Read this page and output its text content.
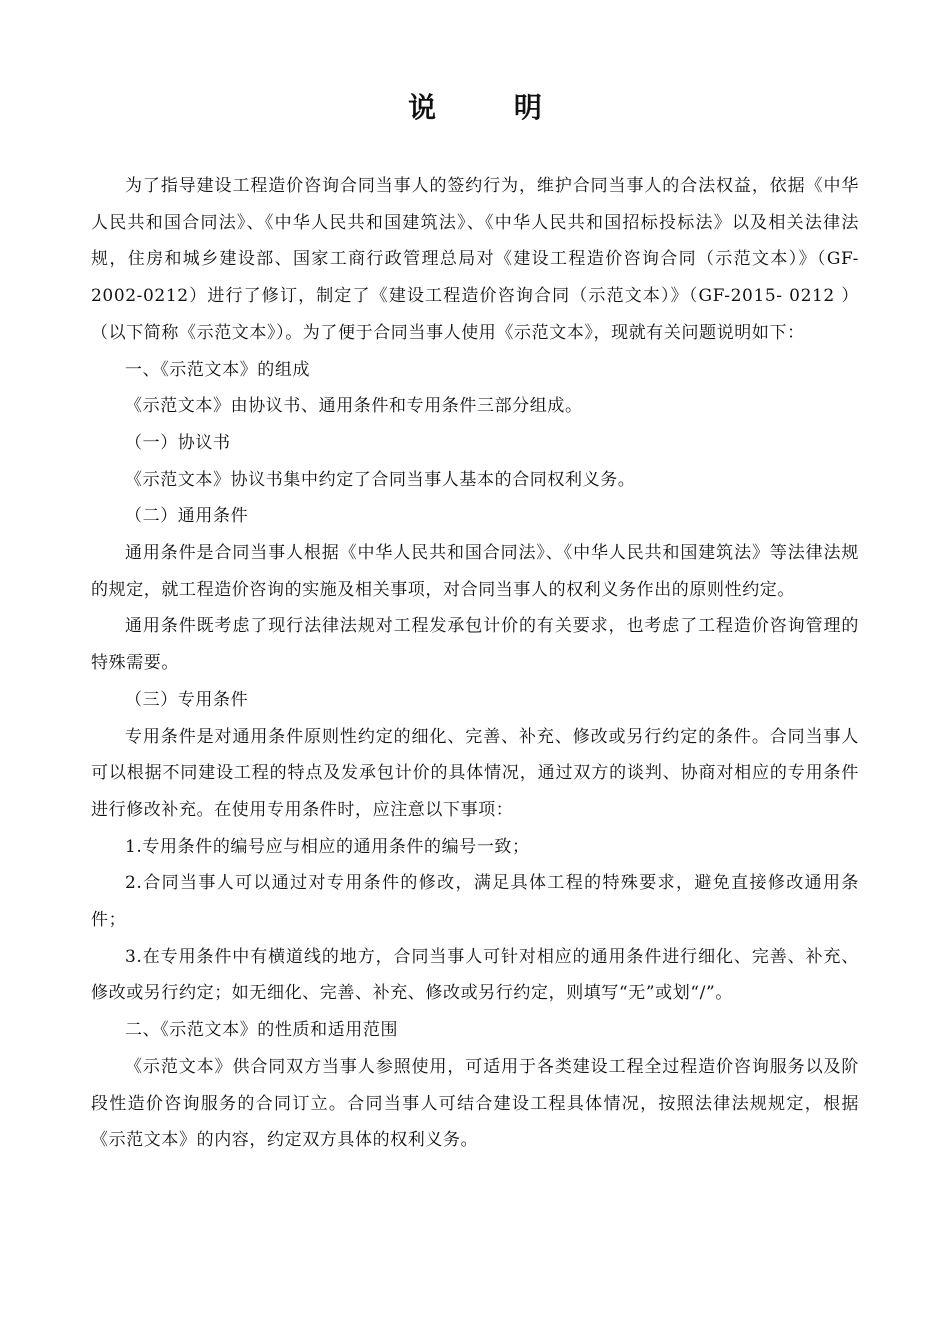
说 明

为了指导建设工程造价咨询合同当事人的签约行为，维护合同当事人的合法权益，依据《中华人民共和国合同法》、《中华人民共和国建筑法》、《中华人民共和国招标投标法》以及相关法律法规，住房和城乡建设部、国家工商行政管理总局对《建设工程造价咨询合同（示范文本）》（GF-2002-0212）进行了修订，制定了《建设工程造价咨询合同（示范文本）》（GF-2015- 0212 ）（以下简称《示范文本》）。为了便于合同当事人使用《示范文本》，现就有关问题说明如下：

一、《示范文本》的组成

《示范文本》由协议书、通用条件和专用条件三部分组成。

（一）协议书

《示范文本》协议书集中约定了合同当事人基本的合同权利义务。

（二）通用条件

通用条件是合同当事人根据《中华人民共和国合同法》、《中华人民共和国建筑法》等法律法规的规定，就工程造价咨询的实施及相关事项，对合同当事人的权利义务作出的原则性约定。

通用条件既考虑了现行法律法规对工程发承包计价的有关要求，也考虑了工程造价咨询管理的特殊需要。

（三）专用条件

专用条件是对通用条件原则性约定的细化、完善、补充、修改或另行约定的条件。合同当事人可以根据不同建设工程的特点及发承包计价的具体情况，通过双方的谈判、协商对相应的专用条件进行修改补充。在使用专用条件时，应注意以下事项：

1.专用条件的编号应与相应的通用条件的编号一致；

2.合同当事人可以通过对专用条件的修改，满足具体工程的特殊要求，避免直接修改通用条件；

3.在专用条件中有横道线的地方，合同当事人可针对相应的通用条件进行细化、完善、补充、修改或另行约定；如无细化、完善、补充、修改或另行约定，则填写“无”或划“/”。

二、《示范文本》的性质和适用范围

《示范文本》供合同双方当事人参照使用，可适用于各类建设工程全过程造价咨询服务以及阶段性造价咨询服务的合同订立。合同当事人可结合建设工程具体情况，按照法律法规规定，根据《示范文本》的内容，约定双方具体的权利义务。
